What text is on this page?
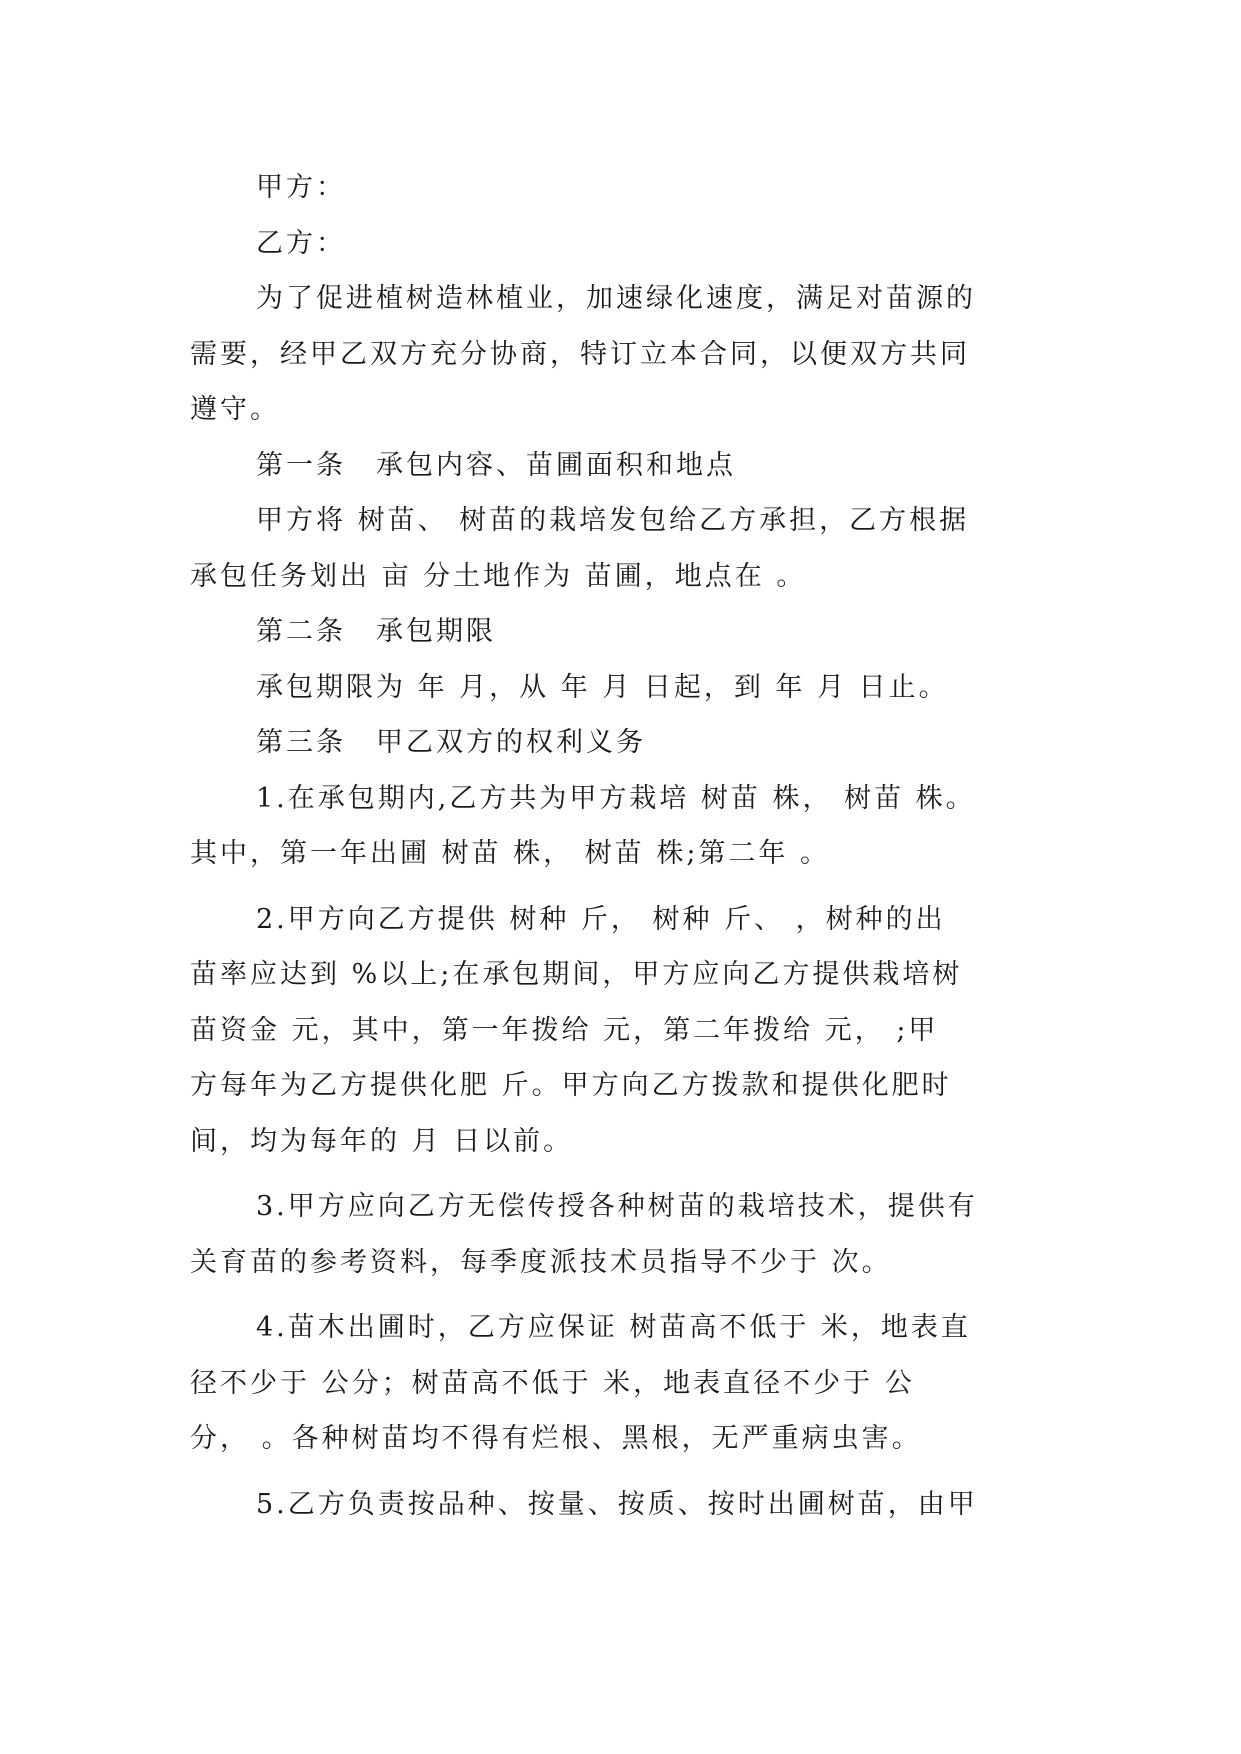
甲方：
乙方：
为了促进植树造林植业，加速绿化速度，满足对苗源的
需要，经甲乙双方充分协商，特订立本合同，以便双方共同
遵守。
第一条　承包内容、苗圃面积和地点
甲方将 树苗、 树苗的栽培发包给乙方承担，乙方根据
承包任务划出 亩 分土地作为 苗圃，地点在 。
第二条　承包期限
承包期限为 年 月，从 年 月 日起，到 年 月 日止。
第三条　甲乙双方的权利义务
1.在承包期内,乙方共为甲方栽培 树苗 株， 树苗 株。
其中，第一年出圃 树苗 株， 树苗 株;第二年 。
2.甲方向乙方提供 树种 斤， 树种 斤、 ，树种的出
苗率应达到 %以上;在承包期间，甲方应向乙方提供栽培树
苗资金 元，其中，第一年拨给 元，第二年拨给 元， ;甲
方每年为乙方提供化肥 斤。甲方向乙方拨款和提供化肥时
间，均为每年的 月 日以前。
3.甲方应向乙方无偿传授各种树苗的栽培技术，提供有
关育苗的参考资料，每季度派技术员指导不少于 次。
4.苗木出圃时，乙方应保证 树苗高不低于 米，地表直
径不少于 公分；树苗高不低于 米，地表直径不少于 公
分， 。各种树苗均不得有烂根、黑根，无严重病虫害。
5.乙方负责按品种、按量、按质、按时出圃树苗，由甲
